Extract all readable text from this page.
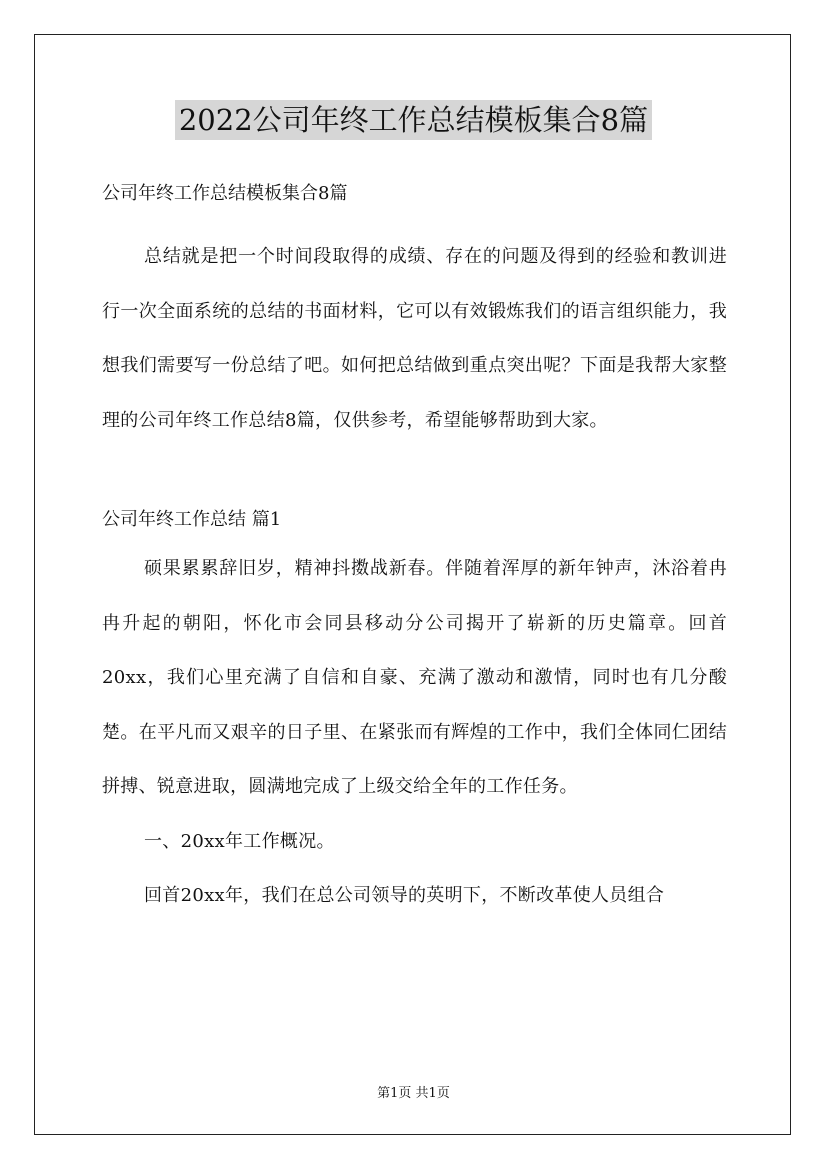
2022公司年终工作总结模板集合8篇

公司年终工作总结模板集合8篇

总结就是把一个时间段取得的成绩、存在的问题及得到的经验和教训进行一次全面系统的总结的书面材料，它可以有效锻炼我们的语言组织能力，我想我们需要写一份总结了吧。如何把总结做到重点突出呢？下面是我帮大家整理的公司年终工作总结8篇，仅供参考，希望能够帮助到大家。

公司年终工作总结 篇1

硕果累累辞旧岁，精神抖擞战新春。伴随着浑厚的新年钟声，沐浴着冉冉升起的朝阳，怀化市会同县移动分公司揭开了崭新的历史篇章。回首20xx，我们心里充满了自信和自豪、充满了激动和激情，同时也有几分酸楚。在平凡而又艰辛的日子里、在紧张而有辉煌的工作中，我们全体同仁团结拼搏、锐意进取，圆满地完成了上级交给全年的工作任务。

一、20xx年工作概况。

回首20xx年，我们在总公司领导的英明下，不断改革使人员组合

第1页 共1页
